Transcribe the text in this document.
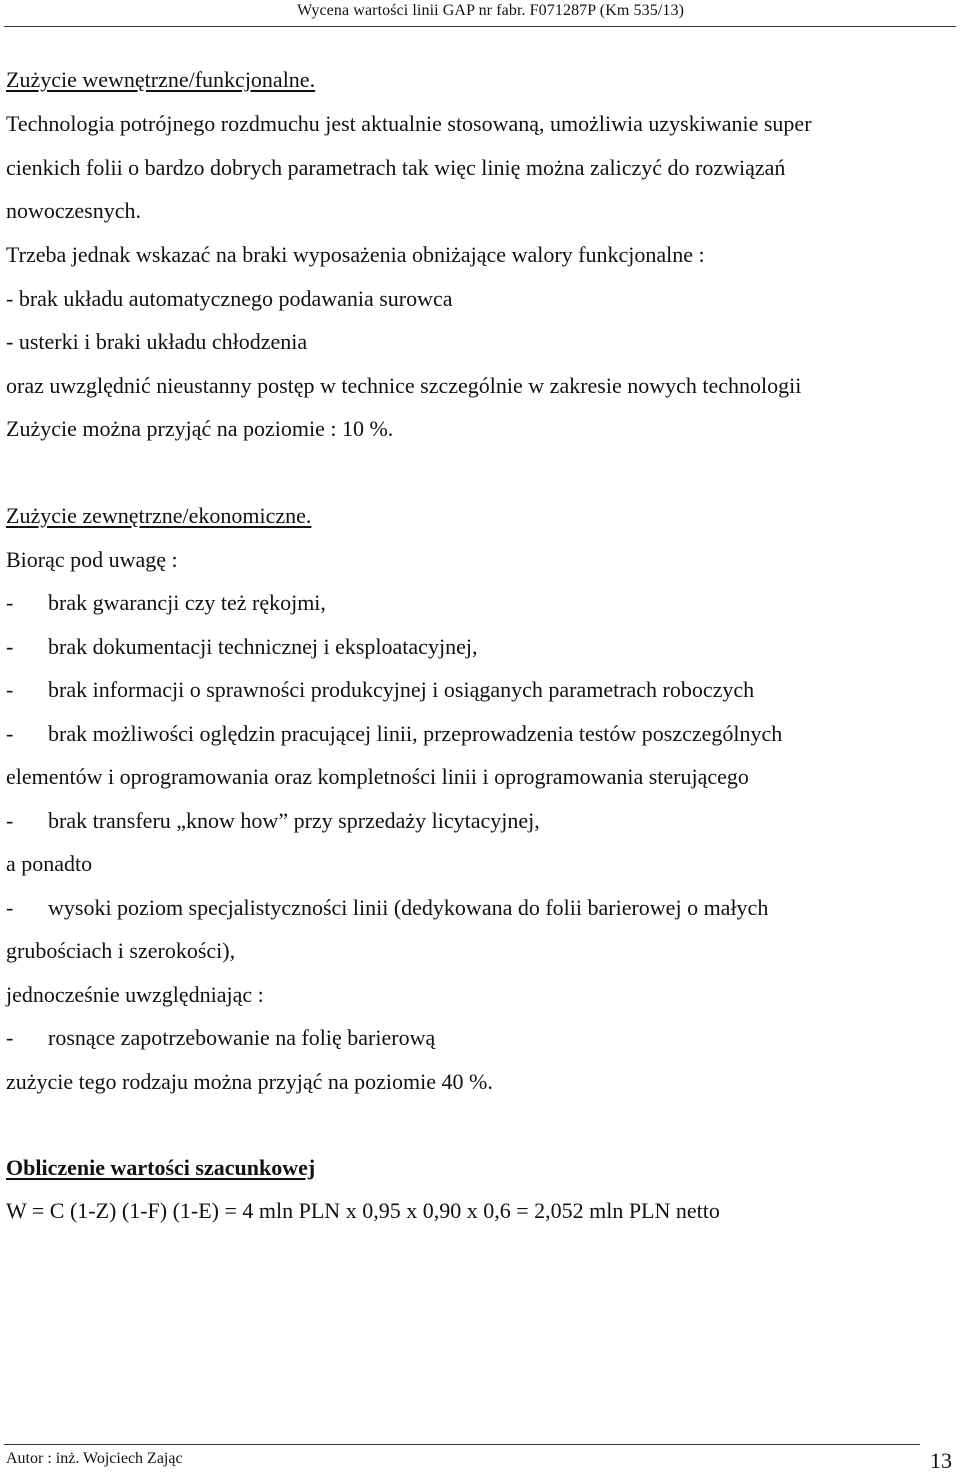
Wycena wartości linii GAP nr fabr. F071287P (Km 535/13)
Zużycie wewnętrzne/funkcjonalne.
Technologia potrójnego rozdmuchu jest aktualnie stosowaną, umożliwia uzyskiwanie super
cienkich folii o bardzo dobrych parametrach tak więc linię można zaliczyć do rozwiązań
nowoczesnych.
Trzeba jednak wskazać na braki wyposażenia obniżające walory funkcjonalne :
- brak układu automatycznego podawania surowca
- usterki i braki układu chłodzenia
oraz uwzględnić nieustanny postęp w technice szczególnie w zakresie nowych technologii
Zużycie można przyjąć na poziomie : 10 %.
Zużycie zewnętrzne/ekonomiczne.
Biorąc pod uwagę :
- brak gwarancji czy też rękojmi,
- brak dokumentacji technicznej i eksploatacyjnej,
- brak informacji o sprawności produkcyjnej i osiąganych parametrach roboczych
- brak możliwości oględzin pracującej linii, przeprowadzenia testów poszczególnych
elementów i oprogramowania oraz kompletności linii i oprogramowania sterującego
- brak transferu „know how” przy sprzedaży licytacyjnej,
a ponadto
- wysoki poziom specjalistyczności linii (dedykowana do folii barierowej o małych
grubościach i szerokości),
jednocześnie uwzględniając :
- rosnące zapotrzebowanie na folię barierową
zużycie tego rodzaju można przyjąć na poziomie 40 %.
Obliczenie wartości szacunkowej
W = C (1-Z) (1-F) (1-E) = 4 mln PLN x 0,95 x 0,90 x 0,6 = 2,052 mln PLN netto
Autor : inż. Wojciech Zając	13
